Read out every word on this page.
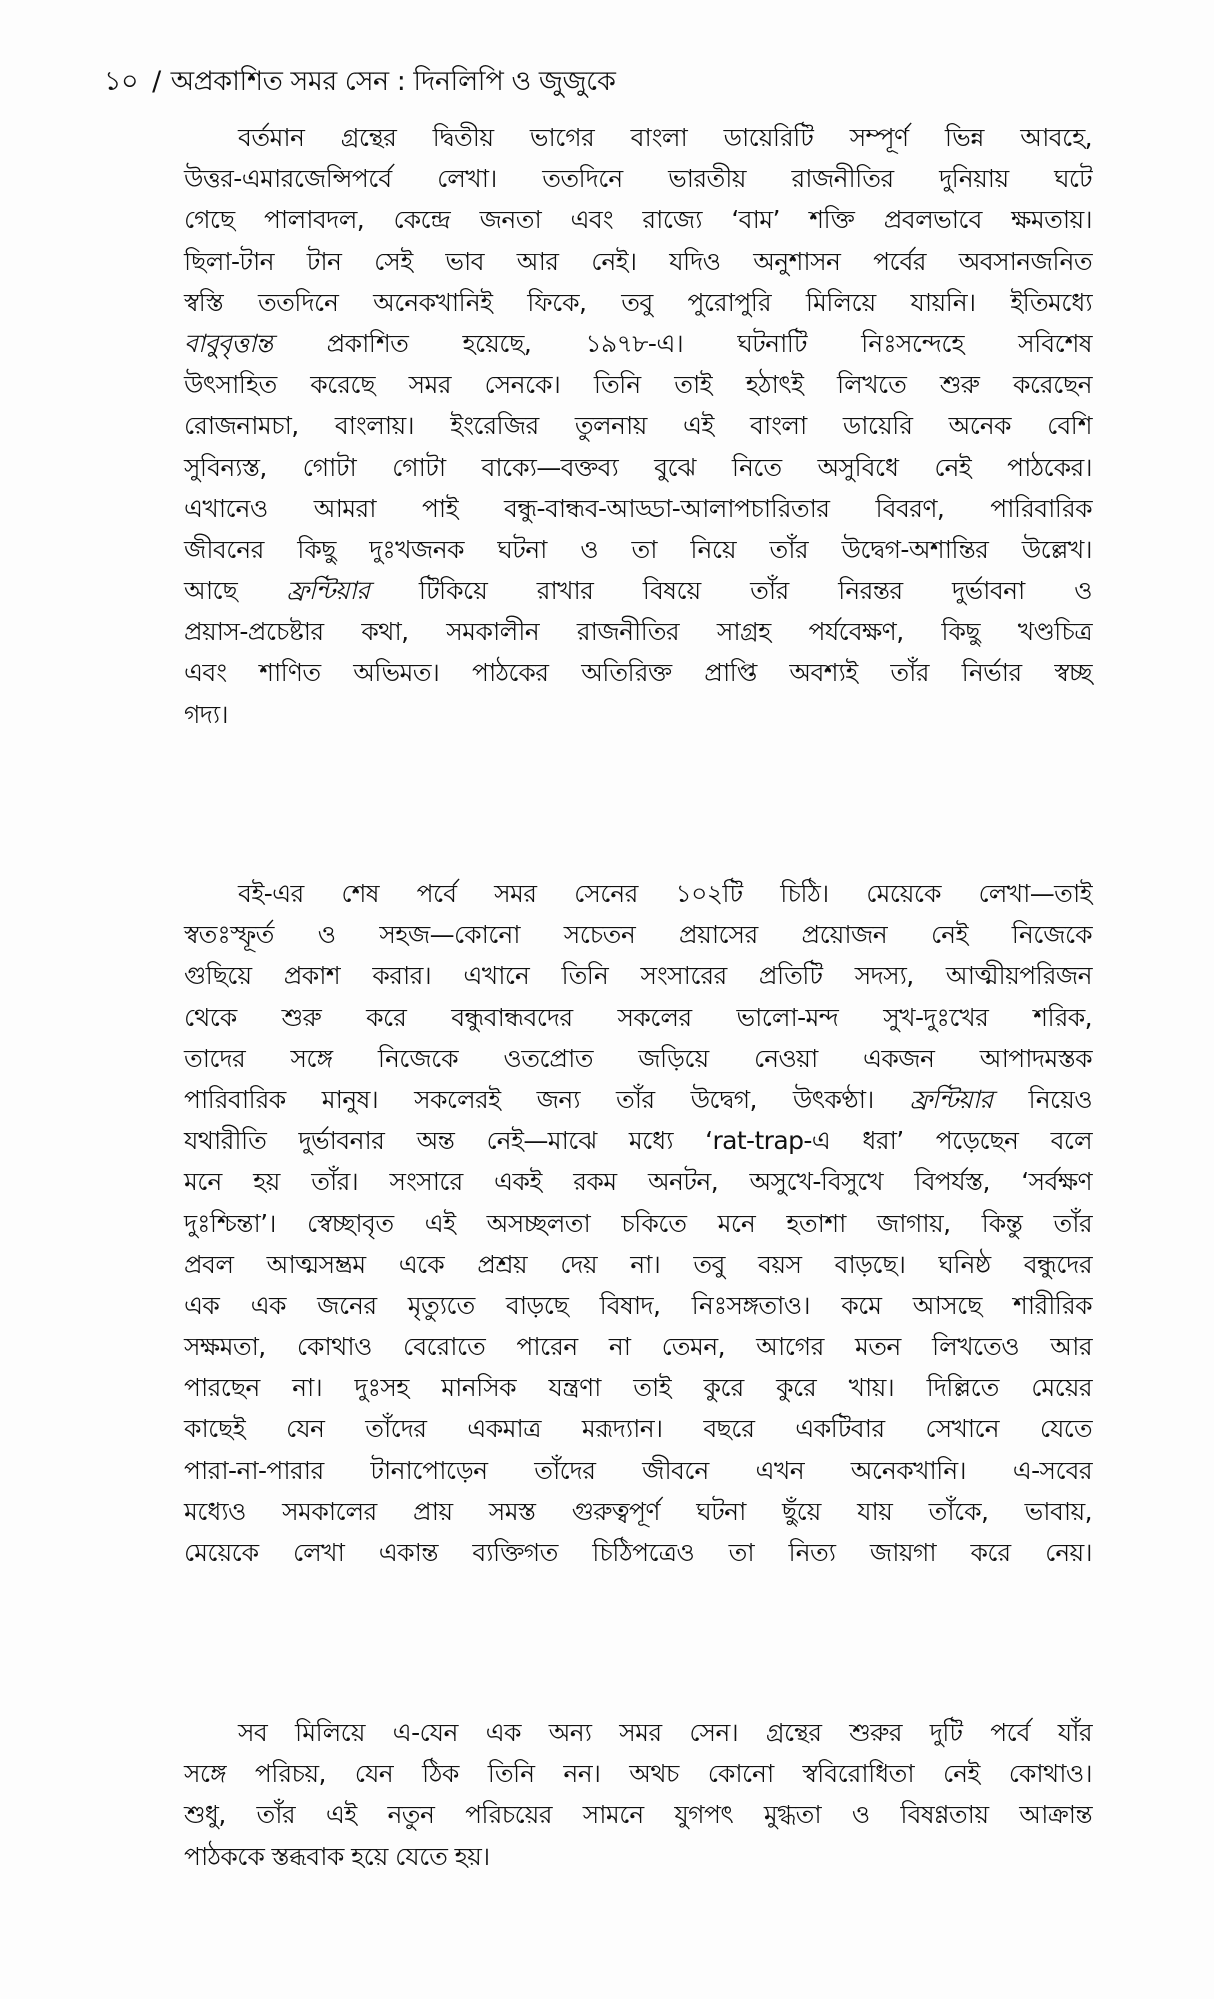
১০ / অপ্রকাশিত সমর সেন : দিনলিপি ও জুজুকে
বর্তমান গ্রন্থের দ্বিতীয় ভাগের বাংলা ডায়েরিটি সম্পূর্ণ ভিন্ন আবহে,
উত্তর-এমারজেন্সিপর্বে লেখা। ততদিনে ভারতীয় রাজনীতির দুনিয়ায় ঘটে
গেছে পালাবদল, কেন্দ্রে জনতা এবং রাজ্যে ‘বাম’ শক্তি প্রবলভাবে ক্ষমতায়।
ছিলা-টান টান সেই ভাব আর নেই। যদিও অনুশাসন পর্বের অবসানজনিত
স্বস্তি ততদিনে অনেকখানিই ফিকে, তবু পুরোপুরি মিলিয়ে যায়নি। ইতিমধ্যে
বাবুবৃত্তান্ত প্রকাশিত হয়েছে, ১৯৭৮-এ। ঘটনাটি নিঃসন্দেহে সবিশেষ
উৎসাহিত করেছে সমর সেনকে। তিনি তাই হঠাৎই লিখতে শুরু করেছেন
রোজনামচা, বাংলায়। ইংরেজির তুলনায় এই বাংলা ডায়েরি অনেক বেশি
সুবিন্যস্ত, গোটা গোটা বাক্যে—বক্তব্য বুঝে নিতে অসুবিধে নেই পাঠকের।
এখানেও আমরা পাই বন্ধু-বান্ধব-আড্ডা-আলাপচারিতার বিবরণ, পারিবারিক
জীবনের কিছু দুঃখজনক ঘটনা ও তা নিয়ে তাঁর উদ্বেগ-অশান্তির উল্লেখ।
আছে ফ্রন্টিয়ার টিকিয়ে রাখার বিষয়ে তাঁর নিরন্তর দুর্ভাবনা ও
প্রয়াস-প্রচেষ্টার কথা, সমকালীন রাজনীতির সাগ্রহ পর্যবেক্ষণ, কিছু খণ্ডচিত্র
এবং শাণিত অভিমত। পাঠকের অতিরিক্ত প্রাপ্তি অবশ্যই তাঁর নির্ভার স্বচ্ছ
গদ্য।
বই-এর শেষ পর্বে সমর সেনের ১০২টি চিঠি। মেয়েকে লেখা—তাই
স্বতঃস্ফূর্ত ও সহজ—কোনো সচেতন প্রয়াসের প্রয়োজন নেই নিজেকে
গুছিয়ে প্রকাশ করার। এখানে তিনি সংসারের প্রতিটি সদস্য, আত্মীয়পরিজন
থেকে শুরু করে বন্ধুবান্ধবদের সকলের ভালো-মন্দ সুখ-দুঃখের শরিক,
তাদের সঙ্গে নিজেকে ওতপ্রোত জড়িয়ে নেওয়া একজন আপাদমস্তক
পারিবারিক মানুষ। সকলেরই জন্য তাঁর উদ্বেগ, উৎকণ্ঠা। ফ্রন্টিয়ার নিয়েও
যথারীতি দুর্ভাবনার অন্ত নেই—মাঝে মধ্যে ‘rat-trap-এ ধরা’ পড়েছেন বলে
মনে হয় তাঁর। সংসারে একই রকম অনটন, অসুখে-বিসুখে বিপর্যস্ত, ‘সর্বক্ষণ
দুঃশ্চিন্তা’। স্বেচ্ছাবৃত এই অসচ্ছলতা চকিতে মনে হতাশা জাগায়, কিন্তু তাঁর
প্রবল আত্মসম্ভ্রম একে প্রশ্রয় দেয় না। তবু বয়স বাড়ছে। ঘনিষ্ঠ বন্ধুদের
এক এক জনের মৃত্যুতে বাড়ছে বিষাদ, নিঃসঙ্গতাও। কমে আসছে শারীরিক
সক্ষমতা, কোথাও বেরোতে পারেন না তেমন, আগের মতন লিখতেও আর
পারছেন না। দুঃসহ মানসিক যন্ত্রণা তাই কুরে কুরে খায়। দিল্লিতে মেয়ের
কাছেই যেন তাঁদের একমাত্র মরূদ্যান। বছরে একটিবার সেখানে যেতে
পারা-না-পারার টানাপোড়েন তাঁদের জীবনে এখন অনেকখানি। এ-সবের
মধ্যেও সমকালের প্রায় সমস্ত গুরুত্বপূর্ণ ঘটনা ছুঁয়ে যায় তাঁকে, ভাবায়,
মেয়েকে লেখা একান্ত ব্যক্তিগত চিঠিপত্রেও তা নিত্য জায়গা করে নেয়।
সব মিলিয়ে এ-যেন এক অন্য সমর সেন। গ্রন্থের শুরুর দুটি পর্বে যাঁর
সঙ্গে পরিচয়, যেন ঠিক তিনি নন। অথচ কোনো স্ববিরোধিতা নেই কোথাও।
শুধু, তাঁর এই নতুন পরিচয়ের সামনে যুগপৎ মুগ্ধতা ও বিষণ্ণতায় আক্রান্ত
পাঠককে স্তব্ধবাক হয়ে যেতে হয়।
